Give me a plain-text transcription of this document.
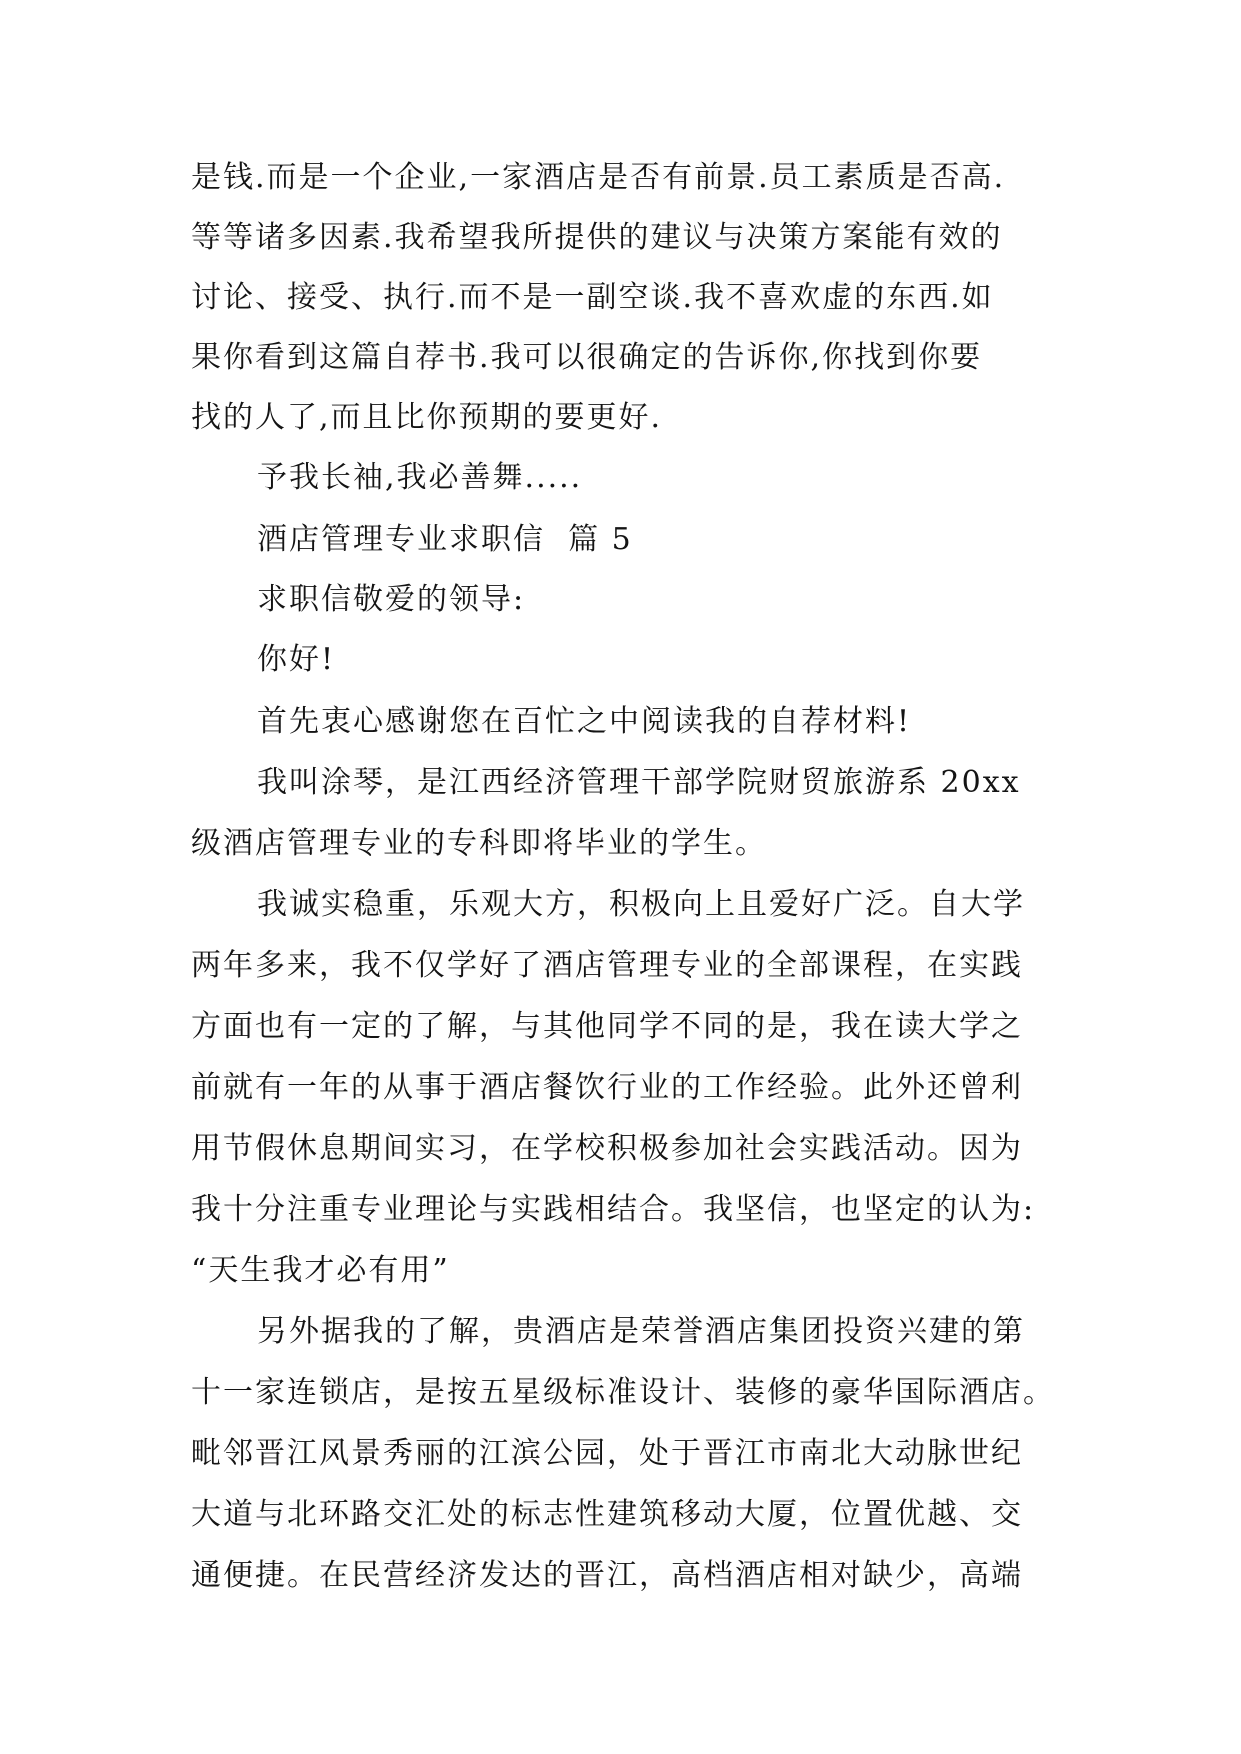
是钱.而是一个企业,一家酒店是否有前景.员工素质是否高.
等等诸多因素.我希望我所提供的建议与决策方案能有效的
讨论、接受、执行.而不是一副空谈.我不喜欢虚的东西.如
果你看到这篇自荐书.我可以很确定的告诉你,你找到你要
找的人了,而且比你预期的要更好.
予我长袖,我必善舞.....
酒店管理专业求职信  篇 5
求职信敬爱的领导:
你好!
首先衷心感谢您在百忙之中阅读我的自荐材料!
我叫涂琴，是江西经济管理干部学院财贸旅游系 20xx
级酒店管理专业的专科即将毕业的学生。
我诚实稳重，乐观大方，积极向上且爱好广泛。自大学
两年多来，我不仅学好了酒店管理专业的全部课程，在实践
方面也有一定的了解，与其他同学不同的是，我在读大学之
前就有一年的从事于酒店餐饮行业的工作经验。此外还曾利
用节假休息期间实习，在学校积极参加社会实践活动。因为
我十分注重专业理论与实践相结合。我坚信，也坚定的认为:
“天生我才必有用”
另外据我的了解，贵酒店是荣誉酒店集团投资兴建的第
十一家连锁店，是按五星级标准设计、装修的豪华国际酒店。
毗邻晋江风景秀丽的江滨公园，处于晋江市南北大动脉世纪
大道与北环路交汇处的标志性建筑移动大厦，位置优越、交
通便捷。在民营经济发达的晋江，高档酒店相对缺少，高端
